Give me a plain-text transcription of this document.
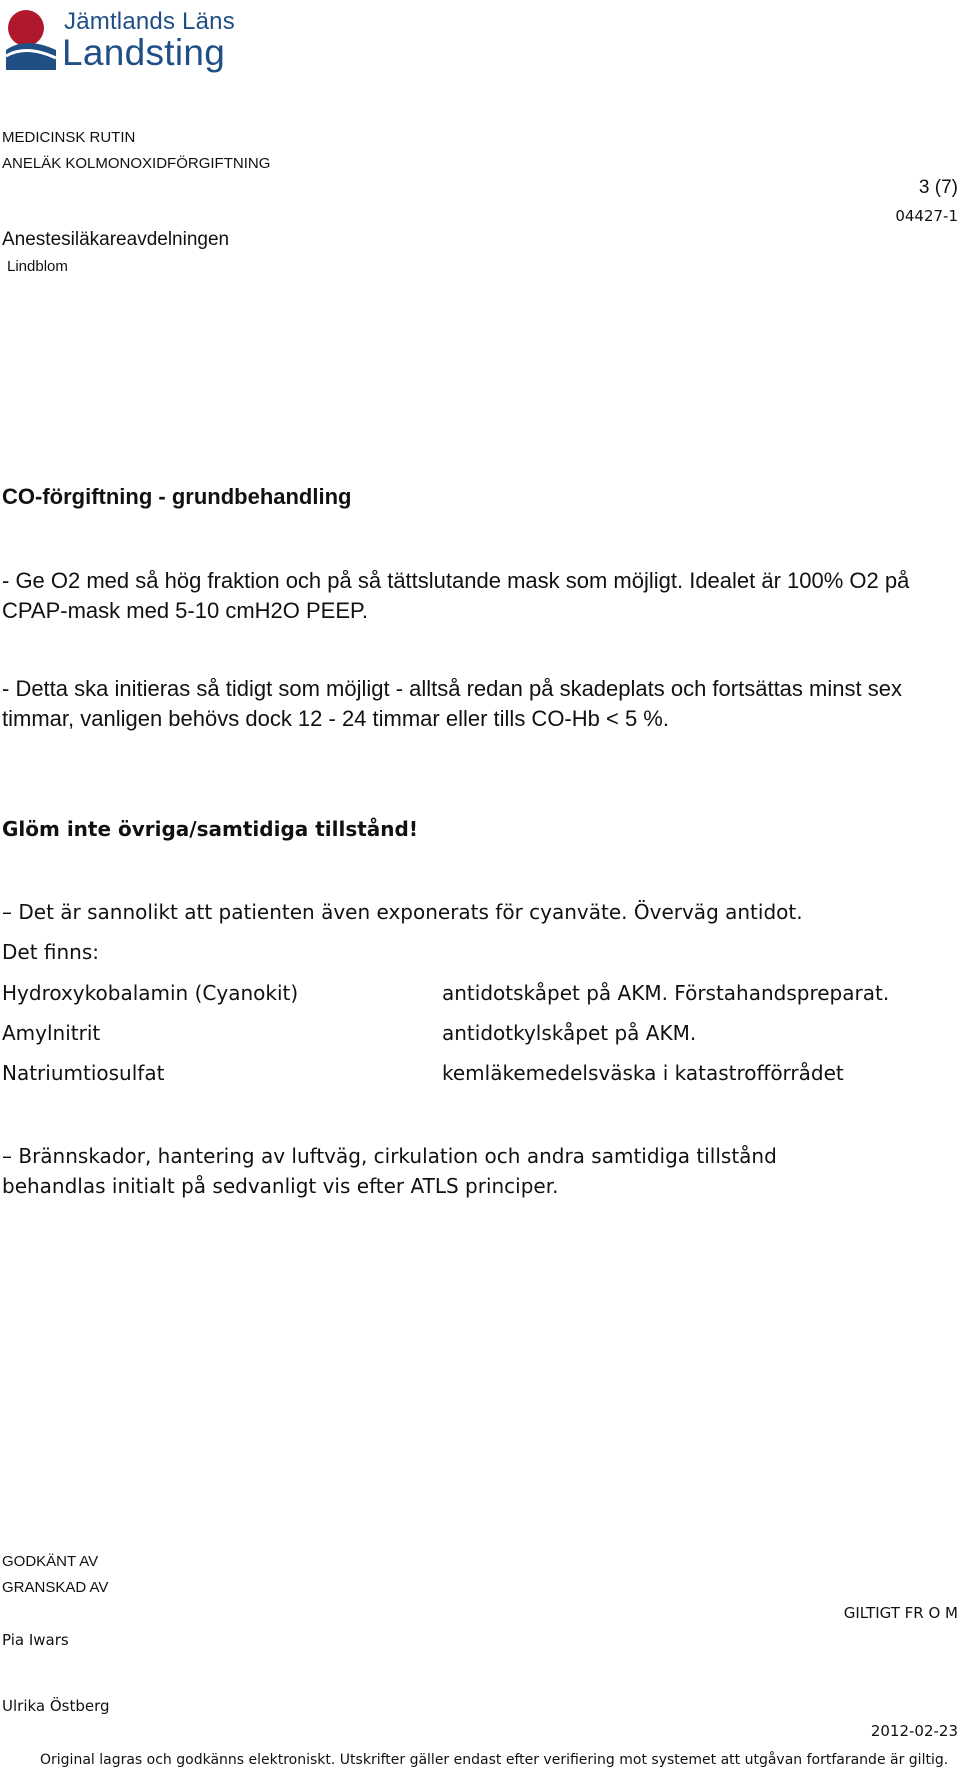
Jämtlands Läns
Landsting
MEDICINSK RUTIN
ANELÄK KOLMONOXIDFÖRGIFTNING
3 (7)
Anestesiläkareavdelningen
04427-1
Lindblom
CO-förgiftning - grundbehandling
- Ge O2 med så hög fraktion och på så tättslutande mask som möjligt. Idealet är 100% O2 på CPAP-mask med 5-10 cmH2O PEEP.
- Detta ska initieras så tidigt som möjligt - alltså redan på skadeplats och fortsättas minst sex timmar, vanligen behövs dock 12 - 24 timmar eller tills CO-Hb < 5 %.
Glöm inte övriga/samtidiga tillstånd!
– Det är sannolikt att patienten även exponerats för cyanväte. Överväg antidot.
Det finns:
Hydroxykobalamin (Cyanokit)	antidotskåpet på AKM. Förstahandspreparat.
Amylnitrit	antidotkylskåpet på AKM.
Natriumtiosulfat	kemläkemedelsväska i katastrofförrådet
– Brännskador, hantering av luftväg, cirkulation och andra samtidiga tillstånd
behandlas initialt på sedvanligt vis efter ATLS principer.
GODKÄNT AV
GRANSKAD AV
GILTIGT FR O M
Pia Iwars
Ulrika Östberg
2012-02-23
Original lagras och godkänns elektroniskt. Utskrifter gäller endast efter verifiering mot systemet att utgåvan fortfarande är giltig.
